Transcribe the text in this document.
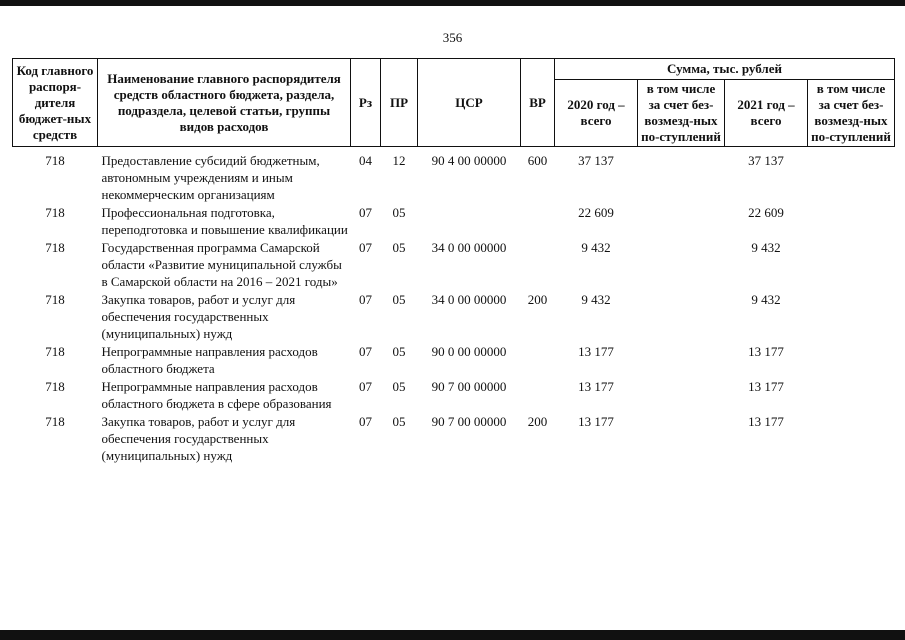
356
Код главного распоря-дителя бюджет-ных средств	Наименование главного распорядителя средств областного бюджета, раздела, подраздела, целевой статьи, группы видов расходов	Рз	ПР	ЦСР	ВР	Сумма, тыс. рублей			
						2020 год – всего	в том числе за счет без-возмезд-ных по-ступлений	2021 год – всего	в том числе за счет без-возмезд-ных по-ступлений

718	Предоставление субсидий бюджетным, автономным учреждениям и иным некоммерческим организациям	04	12	90 4 00 00000	600	37 137		37 137	
718	Профессиональная подготовка, переподготовка и повышение квалификации	07	05			22 609		22 609	
718	Государственная программа Самарской области «Развитие муниципальной службы в Самарской области на 2016 – 2021 годы»	07	05	34 0 00 00000		9 432		9 432	
718	Закупка товаров, работ и услуг для обеспечения государственных (муниципальных) нужд	07	05	34 0 00 00000	200	9 432		9 432	
718	Непрограммные направления расходов областного бюджета	07	05	90 0 00 00000		13 177		13 177	
718	Непрограммные направления расходов областного бюджета в сфере образования	07	05	90 7 00 00000		13 177		13 177	
718	Закупка товаров, работ и услуг для обеспечения государственных (муниципальных) нужд	07	05	90 7 00 00000	200	13 177		13 177	
